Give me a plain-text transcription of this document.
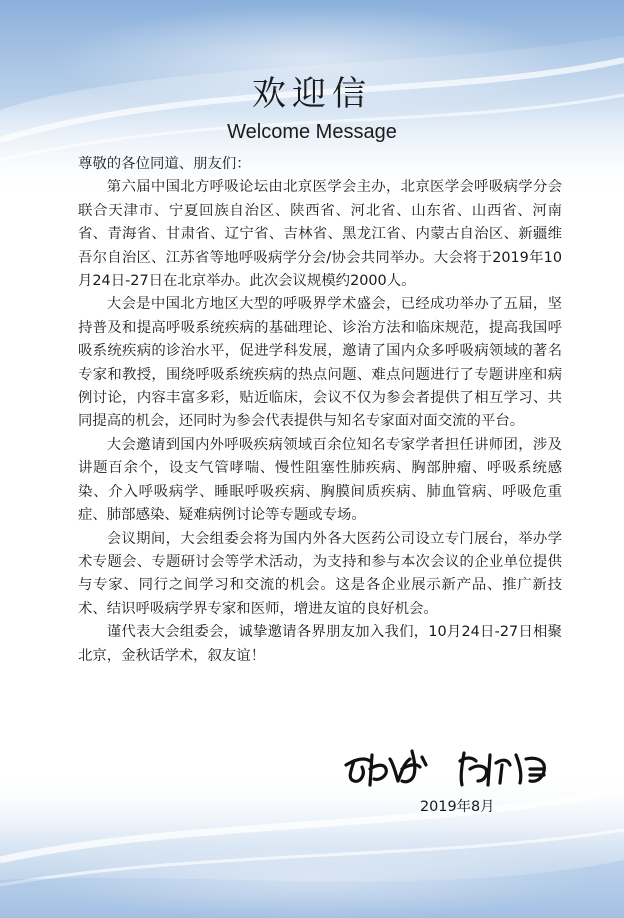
欢迎信
Welcome Message

尊敬的各位同道、朋友们：

第六届中国北方呼吸论坛由北京医学会主办，北京医学会呼吸病学分会联合天津市、宁夏回族自治区、陕西省、河北省、山东省、山西省、河南省、青海省、甘肃省、辽宁省、吉林省、黑龙江省、内蒙古自治区、新疆维吾尔自治区、江苏省等地呼吸病学分会/协会共同举办。大会将于2019年10月24日-27日在北京举办。此次会议规模约2000人。

大会是中国北方地区大型的呼吸界学术盛会，已经成功举办了五届，坚持普及和提高呼吸系统疾病的基础理论、诊治方法和临床规范，提高我国呼吸系统疾病的诊治水平，促进学科发展，邀请了国内众多呼吸病领域的著名专家和教授，围绕呼吸系统疾病的热点问题、难点问题进行了专题讲座和病例讨论，内容丰富多彩，贴近临床，会议不仅为参会者提供了相互学习、共同提高的机会，还同时为参会代表提供与知名专家面对面交流的平台。

大会邀请到国内外呼吸疾病领域百余位知名专家学者担任讲师团，涉及讲题百余个，设支气管哮喘、慢性阻塞性肺疾病、胸部肿瘤、呼吸系统感染、介入呼吸病学、睡眠呼吸疾病、胸膜间质疾病、肺血管病、呼吸危重症、肺部感染、疑难病例讨论等专题或专场。

会议期间，大会组委会将为国内外各大医药公司设立专门展台，举办学术专题会、专题研讨会等学术活动，为支持和参与本次会议的企业单位提供与专家、同行之间学习和交流的机会。这是各企业展示新产品、推广新技术、结识呼吸病学界专家和医师，增进友谊的良好机会。

谨代表大会组委会，诚挚邀请各界朋友加入我们，10月24日-27日相聚北京，金秋话学术，叙友谊！

2019年8月
